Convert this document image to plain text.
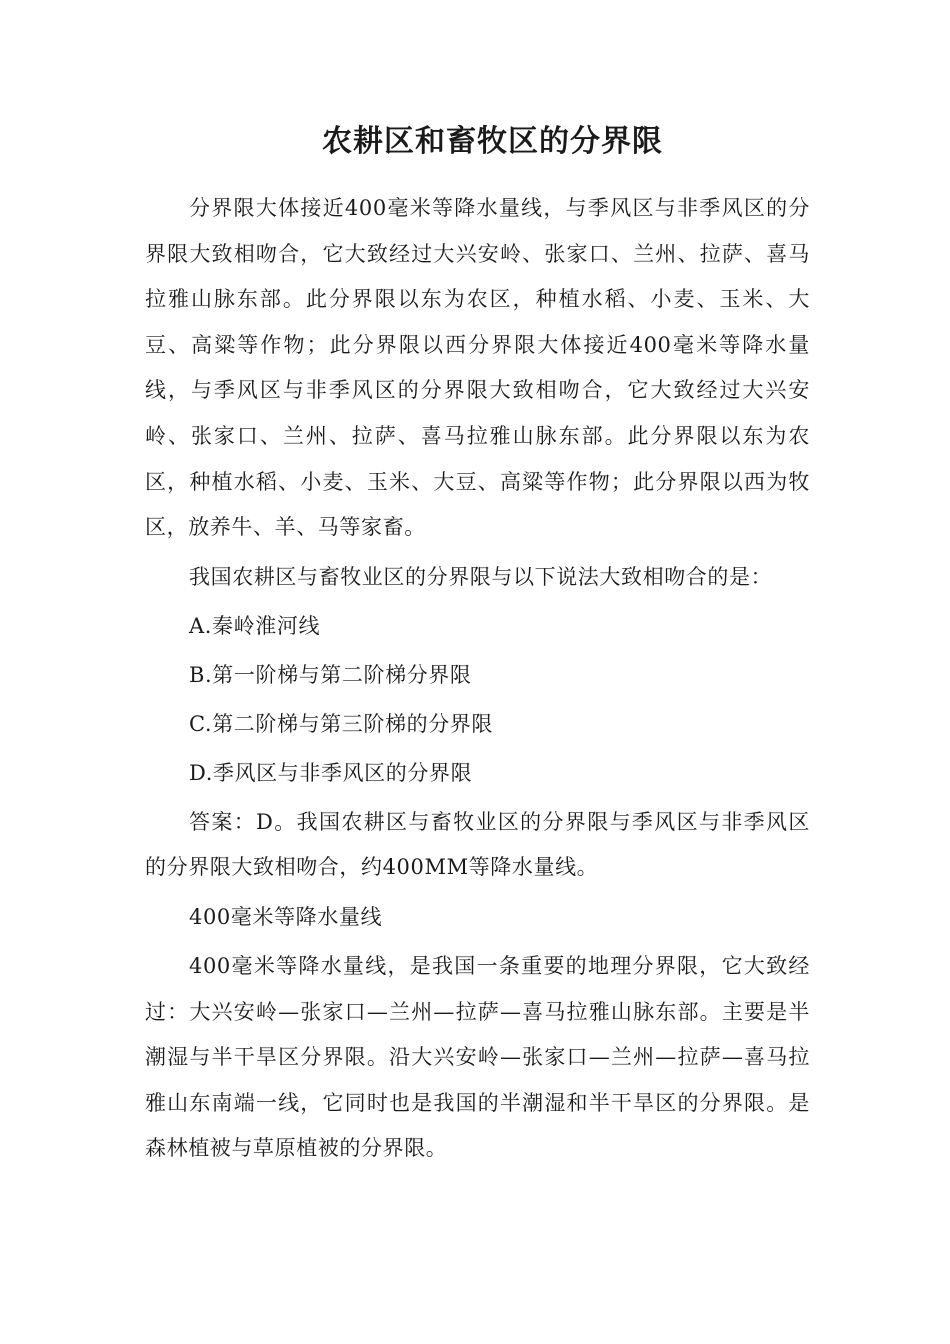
农耕区和畜牧区的分界限

分界限大体接近400毫米等降水量线，与季风区与非季风区的分界限大致相吻合，它大致经过大兴安岭、张家口、兰州、拉萨、喜马拉雅山脉东部。此分界限以东为农区，种植水稻、小麦、玉米、大豆、高粱等作物；此分界限以西分界限大体接近400毫米等降水量线，与季风区与非季风区的分界限大致相吻合，它大致经过大兴安岭、张家口、兰州、拉萨、喜马拉雅山脉东部。此分界限以东为农区，种植水稻、小麦、玉米、大豆、高粱等作物；此分界限以西为牧区，放养牛、羊、马等家畜。

我国农耕区与畜牧业区的分界限与以下说法大致相吻合的是：

A.秦岭淮河线

B.第一阶梯与第二阶梯分界限

C.第二阶梯与第三阶梯的分界限

D.季风区与非季风区的分界限

答案：D。我国农耕区与畜牧业区的分界限与季风区与非季风区的分界限大致相吻合，约400MM等降水量线。

400毫米等降水量线

400毫米等降水量线，是我国一条重要的地理分界限，它大致经过：大兴安岭—张家口—兰州—拉萨—喜马拉雅山脉东部。主要是半潮湿与半干旱区分界限。沿大兴安岭—张家口—兰州—拉萨—喜马拉雅山东南端一线，它同时也是我国的半潮湿和半干旱区的分界限。是森林植被与草原植被的分界限。
